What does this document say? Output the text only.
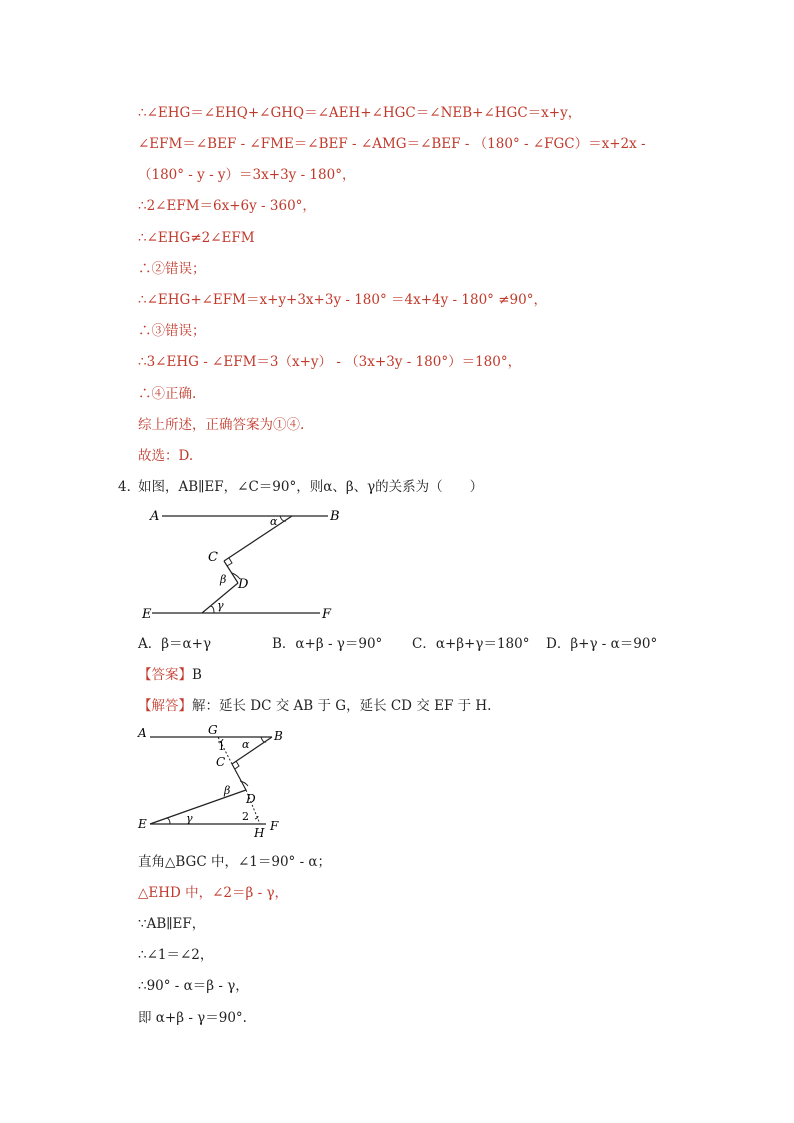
∴∠EHG＝∠EHQ+∠GHQ＝∠AEH+∠HGC＝∠NEB+∠HGC＝x+y，
∠EFM＝∠BEF - ∠FME＝∠BEF - ∠AMG＝∠BEF - （180° - ∠FGC）＝x+2x -
（180° - y - y）＝3x+3y - 180°，
∴2∠EFM＝6x+6y - 360°，
∴∠EHG≠2∠EFM
∴②错误；
∴∠EHG+∠EFM＝x+y+3x+3y - 180° ＝4x+4y - 180° ≠90°，
∴③错误；
∴3∠EHG - ∠EFM＝3（x+y） - （3x+3y - 180°）＝180°，
∴④正确.
综上所述，正确答案为①④.
故选：D.
4．
如图，AB∥EF，∠C＝90°，则α、β、γ的关系为（　　）
A	B
C
D
E	F
α
β
γ
A．β＝α+γ	B．α+β - γ＝90° C．α+β+γ＝180° D．β+γ - α＝90°
【答案】B
【解答】解：延长 DC 交 AB 于 G，延长 CD 交 EF 于 H.
A	G
1
B
C
α
β
D
E	γ	2
H F
直角△BGC 中，∠1＝90° - α；
△EHD 中，∠2＝β - γ，
∵AB∥EF，
∴∠1＝∠2，
∴90° - α＝β - γ，
即 α+β - γ＝90°.
